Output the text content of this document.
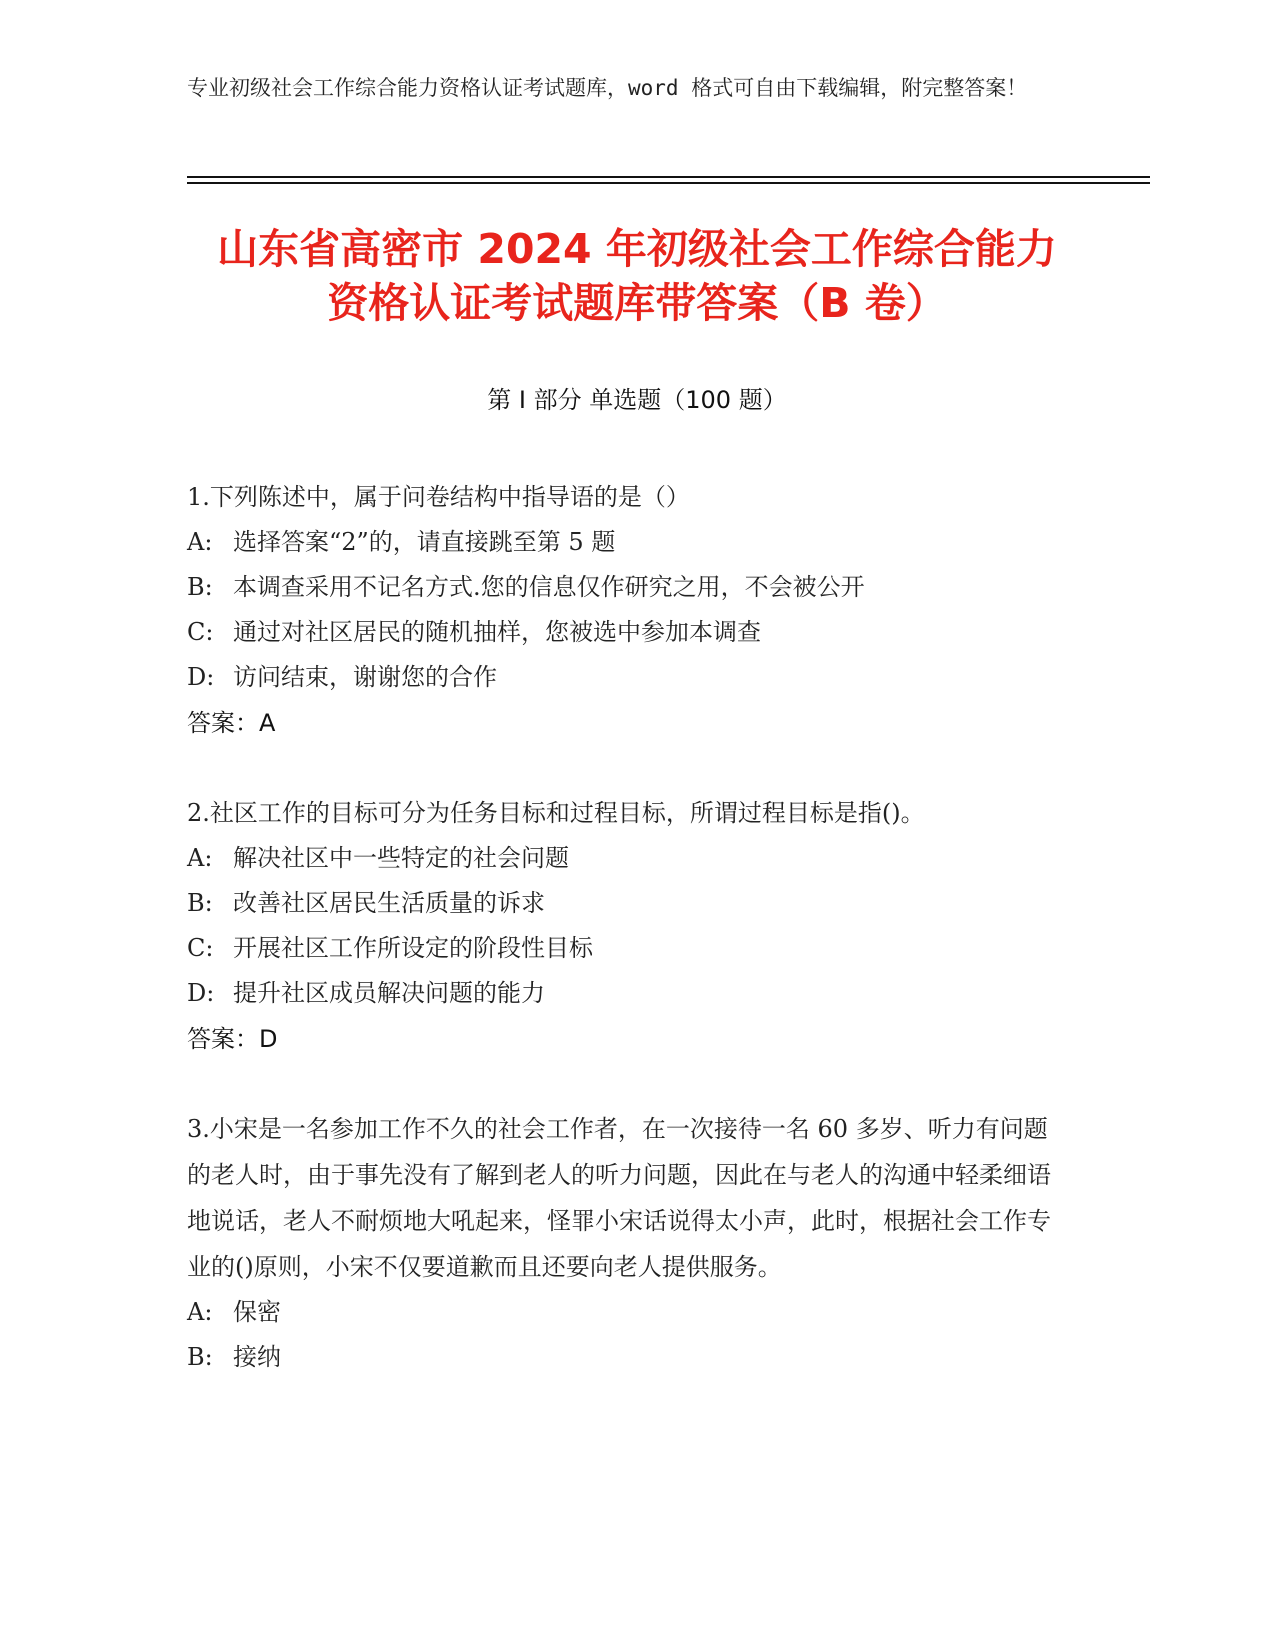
专业初级社会工作综合能力资格认证考试题库，word 格式可自由下载编辑，附完整答案！
山东省高密市 2024 年初级社会工作综合能力
资格认证考试题库带答案（B 卷）
第 I 部分 单选题（100 题）
1.下列陈述中，属于问卷结构中指导语的是（）
A: 选择答案“2”的，请直接跳至第 5 题
B: 本调查采用不记名方式.您的信息仅作研究之用，不会被公开
C: 通过对社区居民的随机抽样，您被选中参加本调查
D: 访问结束，谢谢您的合作
答案：A
2.社区工作的目标可分为任务目标和过程目标，所谓过程目标是指()。
A: 解决社区中一些特定的社会问题
B: 改善社区居民生活质量的诉求
C: 开展社区工作所设定的阶段性目标
D: 提升社区成员解决问题的能力
答案：D
3.小宋是一名参加工作不久的社会工作者，在一次接待一名 60 多岁、听力有问题的老人时，由于事先没有了解到老人的听力问题，因此在与老人的沟通中轻柔细语地说话，老人不耐烦地大吼起来，怪罪小宋话说得太小声，此时，根据社会工作专业的()原则，小宋不仅要道歉而且还要向老人提供服务。
A: 保密
B: 接纳
